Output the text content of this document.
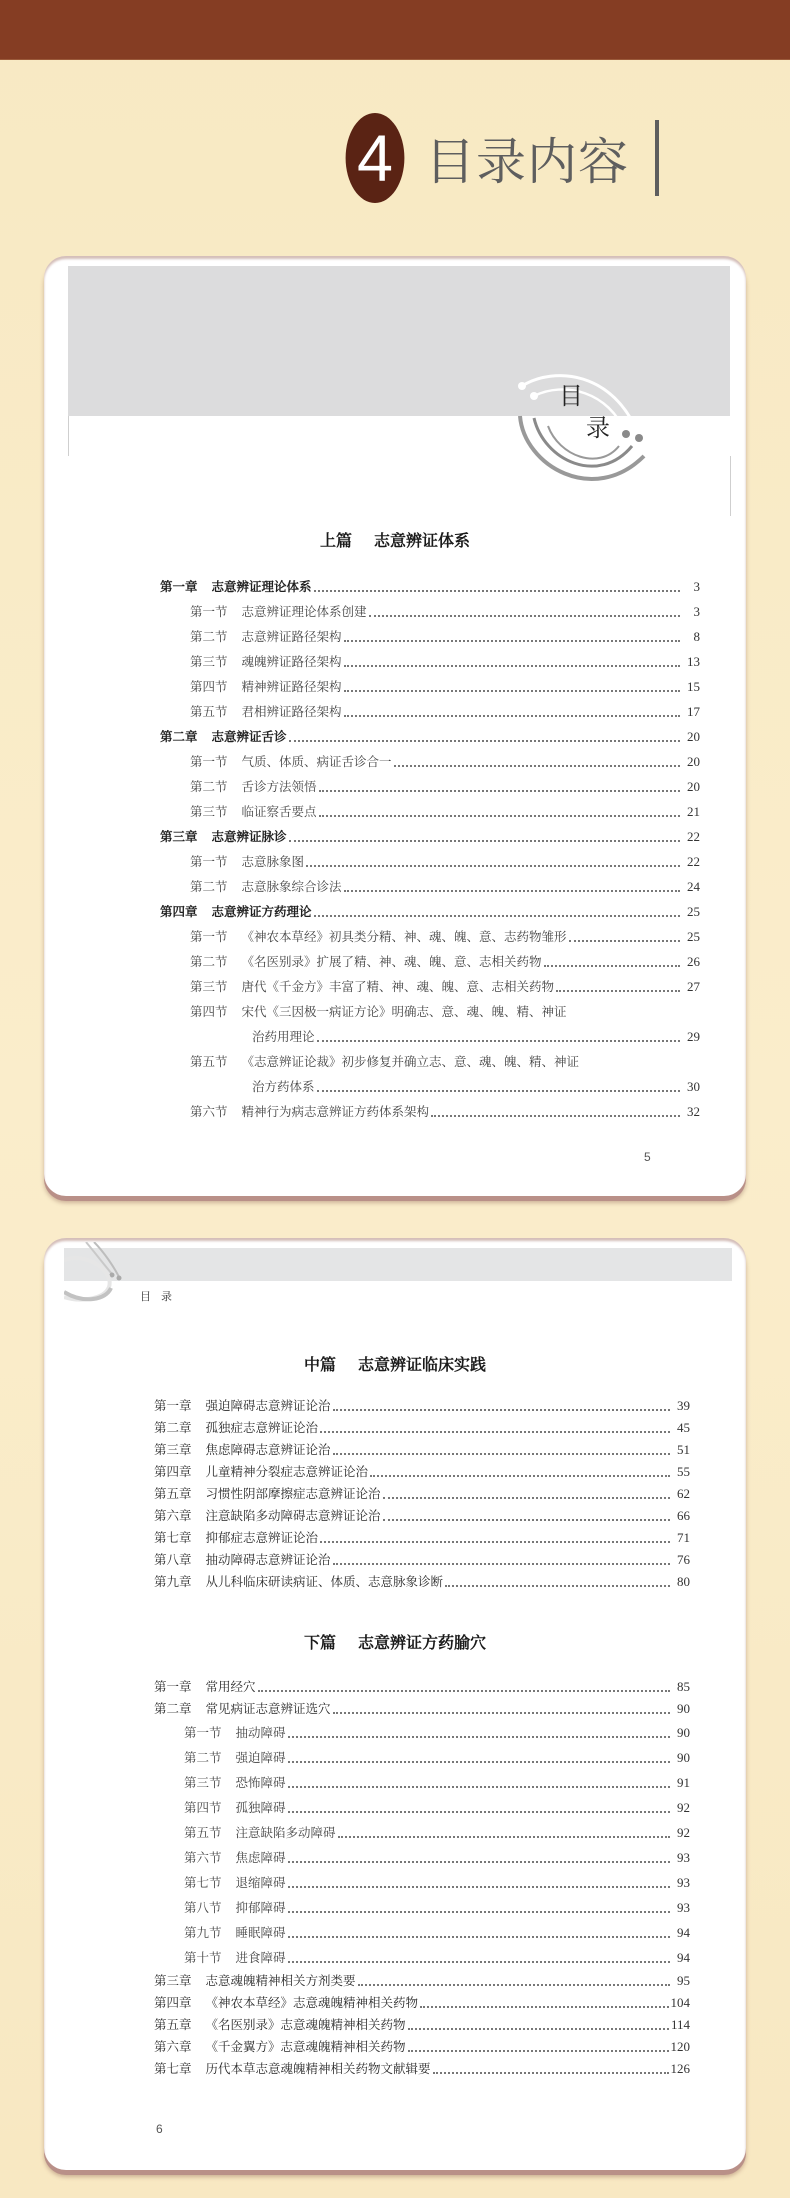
4 目录内容
目
录
上篇 志意辨证体系
第一章 志意辨证理论体系	3
第一节 志意辨证理论体系创建	3
第二节 志意辨证路径架构	8
第三节 魂魄辨证路径架构	13
第四节 精神辨证路径架构	15
第五节 君相辨证路径架构	17
第二章 志意辨证舌诊	20
第一节 气质、体质、病证舌诊合一	20
第二节 舌诊方法领悟	20
第三节 临证察舌要点	21
第三章 志意辨证脉诊	22
第一节 志意脉象图	22
第二节 志意脉象综合诊法	24
第四章 志意辨证方药理论	25
第一节 《神农本草经》初具类分精、神、魂、魄、意、志药物雏形	25
第二节 《名医别录》扩展了精、神、魂、魄、意、志相关药物	26
第三节 唐代《千金方》丰富了精、神、魂、魄、意、志相关药物	27
第四节 宋代《三因极一病证方论》明确志、意、魂、魄、精、神证
治药用理论	29
第五节 《志意辨证论裁》初步修复并确立志、意、魂、魄、精、神证
治方药体系	30
第六节 精神行为病志意辨证方药体系架构	32
5
目录
中篇 志意辨证临床实践
第一章 强迫障碍志意辨证论治	39
第二章 孤独症志意辨证论治	45
第三章 焦虑障碍志意辨证论治	51
第四章 儿童精神分裂症志意辨证论治	55
第五章 习惯性阴部摩擦症志意辨证论治	62
第六章 注意缺陷多动障碍志意辨证论治	66
第七章 抑郁症志意辨证论治	71
第八章 抽动障碍志意辨证论治	76
第九章 从儿科临床研读病证、体质、志意脉象诊断	80
下篇 志意辨证方药腧穴
第一章 常用经穴	85
第二章 常见病证志意辨证选穴	90
第一节 抽动障碍	90
第二节 强迫障碍	90
第三节 恐怖障碍	91
第四节 孤独障碍	92
第五节 注意缺陷多动障碍	92
第六节 焦虑障碍	93
第七节 退缩障碍	93
第八节 抑郁障碍	93
第九节 睡眠障碍	94
第十节 进食障碍	94
第三章 志意魂魄精神相关方剂类要	95
第四章 《神农本草经》志意魂魄精神相关药物	104
第五章 《名医别录》志意魂魄精神相关药物	114
第六章 《千金翼方》志意魂魄精神相关药物	120
第七章 历代本草志意魂魄精神相关药物文献辑要	126
6
